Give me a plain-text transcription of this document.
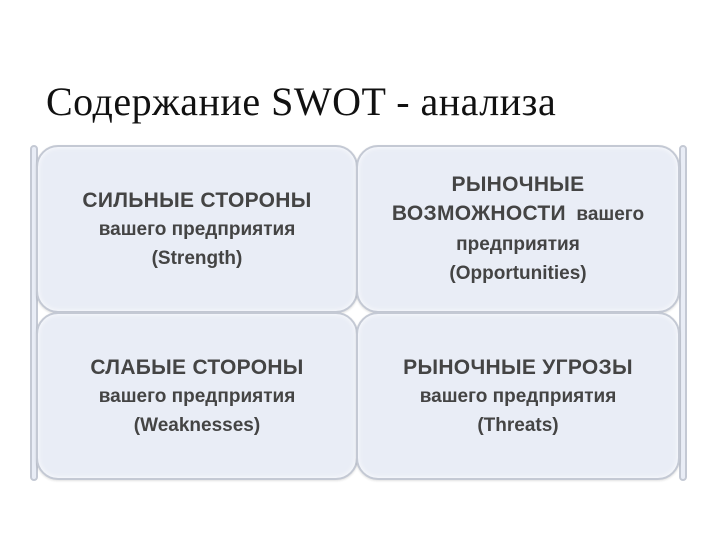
Содержание SWOT - анализа
СИЛЬНЫЕ СТОРОНЫ
вашего предприятия
(Strength)
РЫНОЧНЫЕ
ВОЗМОЖНОСТИ вашего
предприятия
(Opportunities)
СЛАБЫЕ СТОРОНЫ
вашего предприятия
(Weaknesses)
РЫНОЧНЫЕ УГРОЗЫ
вашего предприятия
(Threats)
